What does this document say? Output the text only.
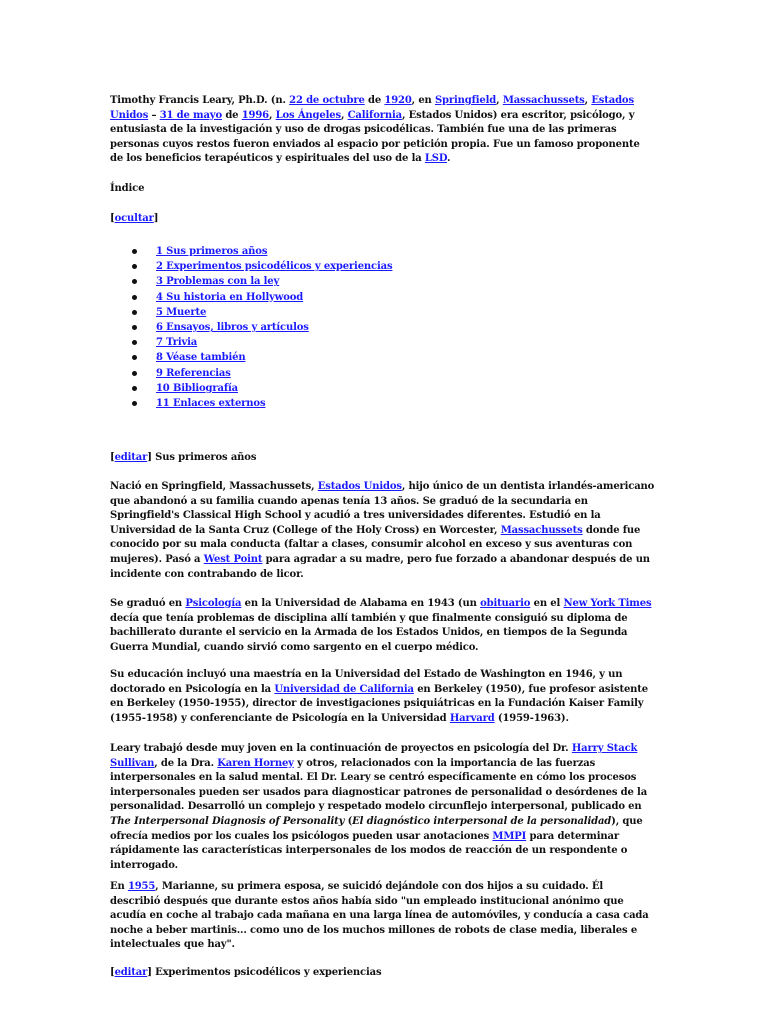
Timothy Francis Leary, Ph.D. (n. 22 de octubre de 1920, en Springfield, Massachussets, Estados Unidos – 31 de mayo de 1996, Los Ángeles, California, Estados Unidos) era escritor, psicólogo, y entusiasta de la investigación y uso de drogas psicodélicas. También fue una de las primeras personas cuyos restos fueron enviados al espacio por petición propia. Fue un famoso proponente de los beneficios terapéuticos y espirituales del uso de la LSD.

Índice

[ocultar]

1 Sus primeros años
2 Experimentos psicodélicos y experiencias
3 Problemas con la ley
4 Su historia en Hollywood
5 Muerte
6 Ensayos, libros y artículos
7 Trivia
8 Véase también
9 Referencias
10 Bibliografía
11 Enlaces externos

[editar] Sus primeros años

Nació en Springfield, Massachussets, Estados Unidos, hijo único de un dentista irlandés-americano que abandonó a su familia cuando apenas tenía 13 años. Se graduó de la secundaria en Springfield's Classical High School y acudió a tres universidades diferentes. Estudió en la Universidad de la Santa Cruz (College of the Holy Cross) en Worcester, Massachussets donde fue conocido por su mala conducta (faltar a clases, consumir alcohol en exceso y sus aventuras con mujeres). Pasó a West Point para agradar a su madre, pero fue forzado a abandonar después de un incidente con contrabando de licor.

Se graduó en Psicología en la Universidad de Alabama en 1943 (un obituario en el New York Times decía que tenía problemas de disciplina allí también y que finalmente consiguió su diploma de bachillerato durante el servicio en la Armada de los Estados Unidos, en tiempos de la Segunda Guerra Mundial, cuando sirvió como sargento en el cuerpo médico.

Su educación incluyó una maestría en la Universidad del Estado de Washington en 1946, y un doctorado en Psicología en la Universidad de California en Berkeley (1950), fue profesor asistente en Berkeley (1950-1955), director de investigaciones psiquiátricas en la Fundación Kaiser Family (1955-1958) y conferenciante de Psicología en la Universidad Harvard (1959-1963).

Leary trabajó desde muy joven en la continuación de proyectos en psicología del Dr. Harry Stack Sullivan, de la Dra. Karen Horney y otros, relacionados con la importancia de las fuerzas interpersonales en la salud mental. El Dr. Leary se centró específicamente en cómo los procesos interpersonales pueden ser usados para diagnosticar patrones de personalidad o desórdenes de la personalidad. Desarrolló un complejo y respetado modelo circunflejo interpersonal, publicado en The Interpersonal Diagnosis of Personality (El diagnóstico interpersonal de la personalidad), que ofrecía medios por los cuales los psicólogos pueden usar anotaciones MMPI para determinar rápidamente las características interpersonales de los modos de reacción de un respondente o interrogado.

En 1955, Marianne, su primera esposa, se suicidó dejándole con dos hijos a su cuidado. Él describió después que durante estos años había sido "un empleado institucional anónimo que acudía en coche al trabajo cada mañana en una larga línea de automóviles, y conducía a casa cada noche a beber martinis... como uno de los muchos millones de robots de clase media, liberales e intelectuales que hay".

[editar] Experimentos psicodélicos y experiencias
